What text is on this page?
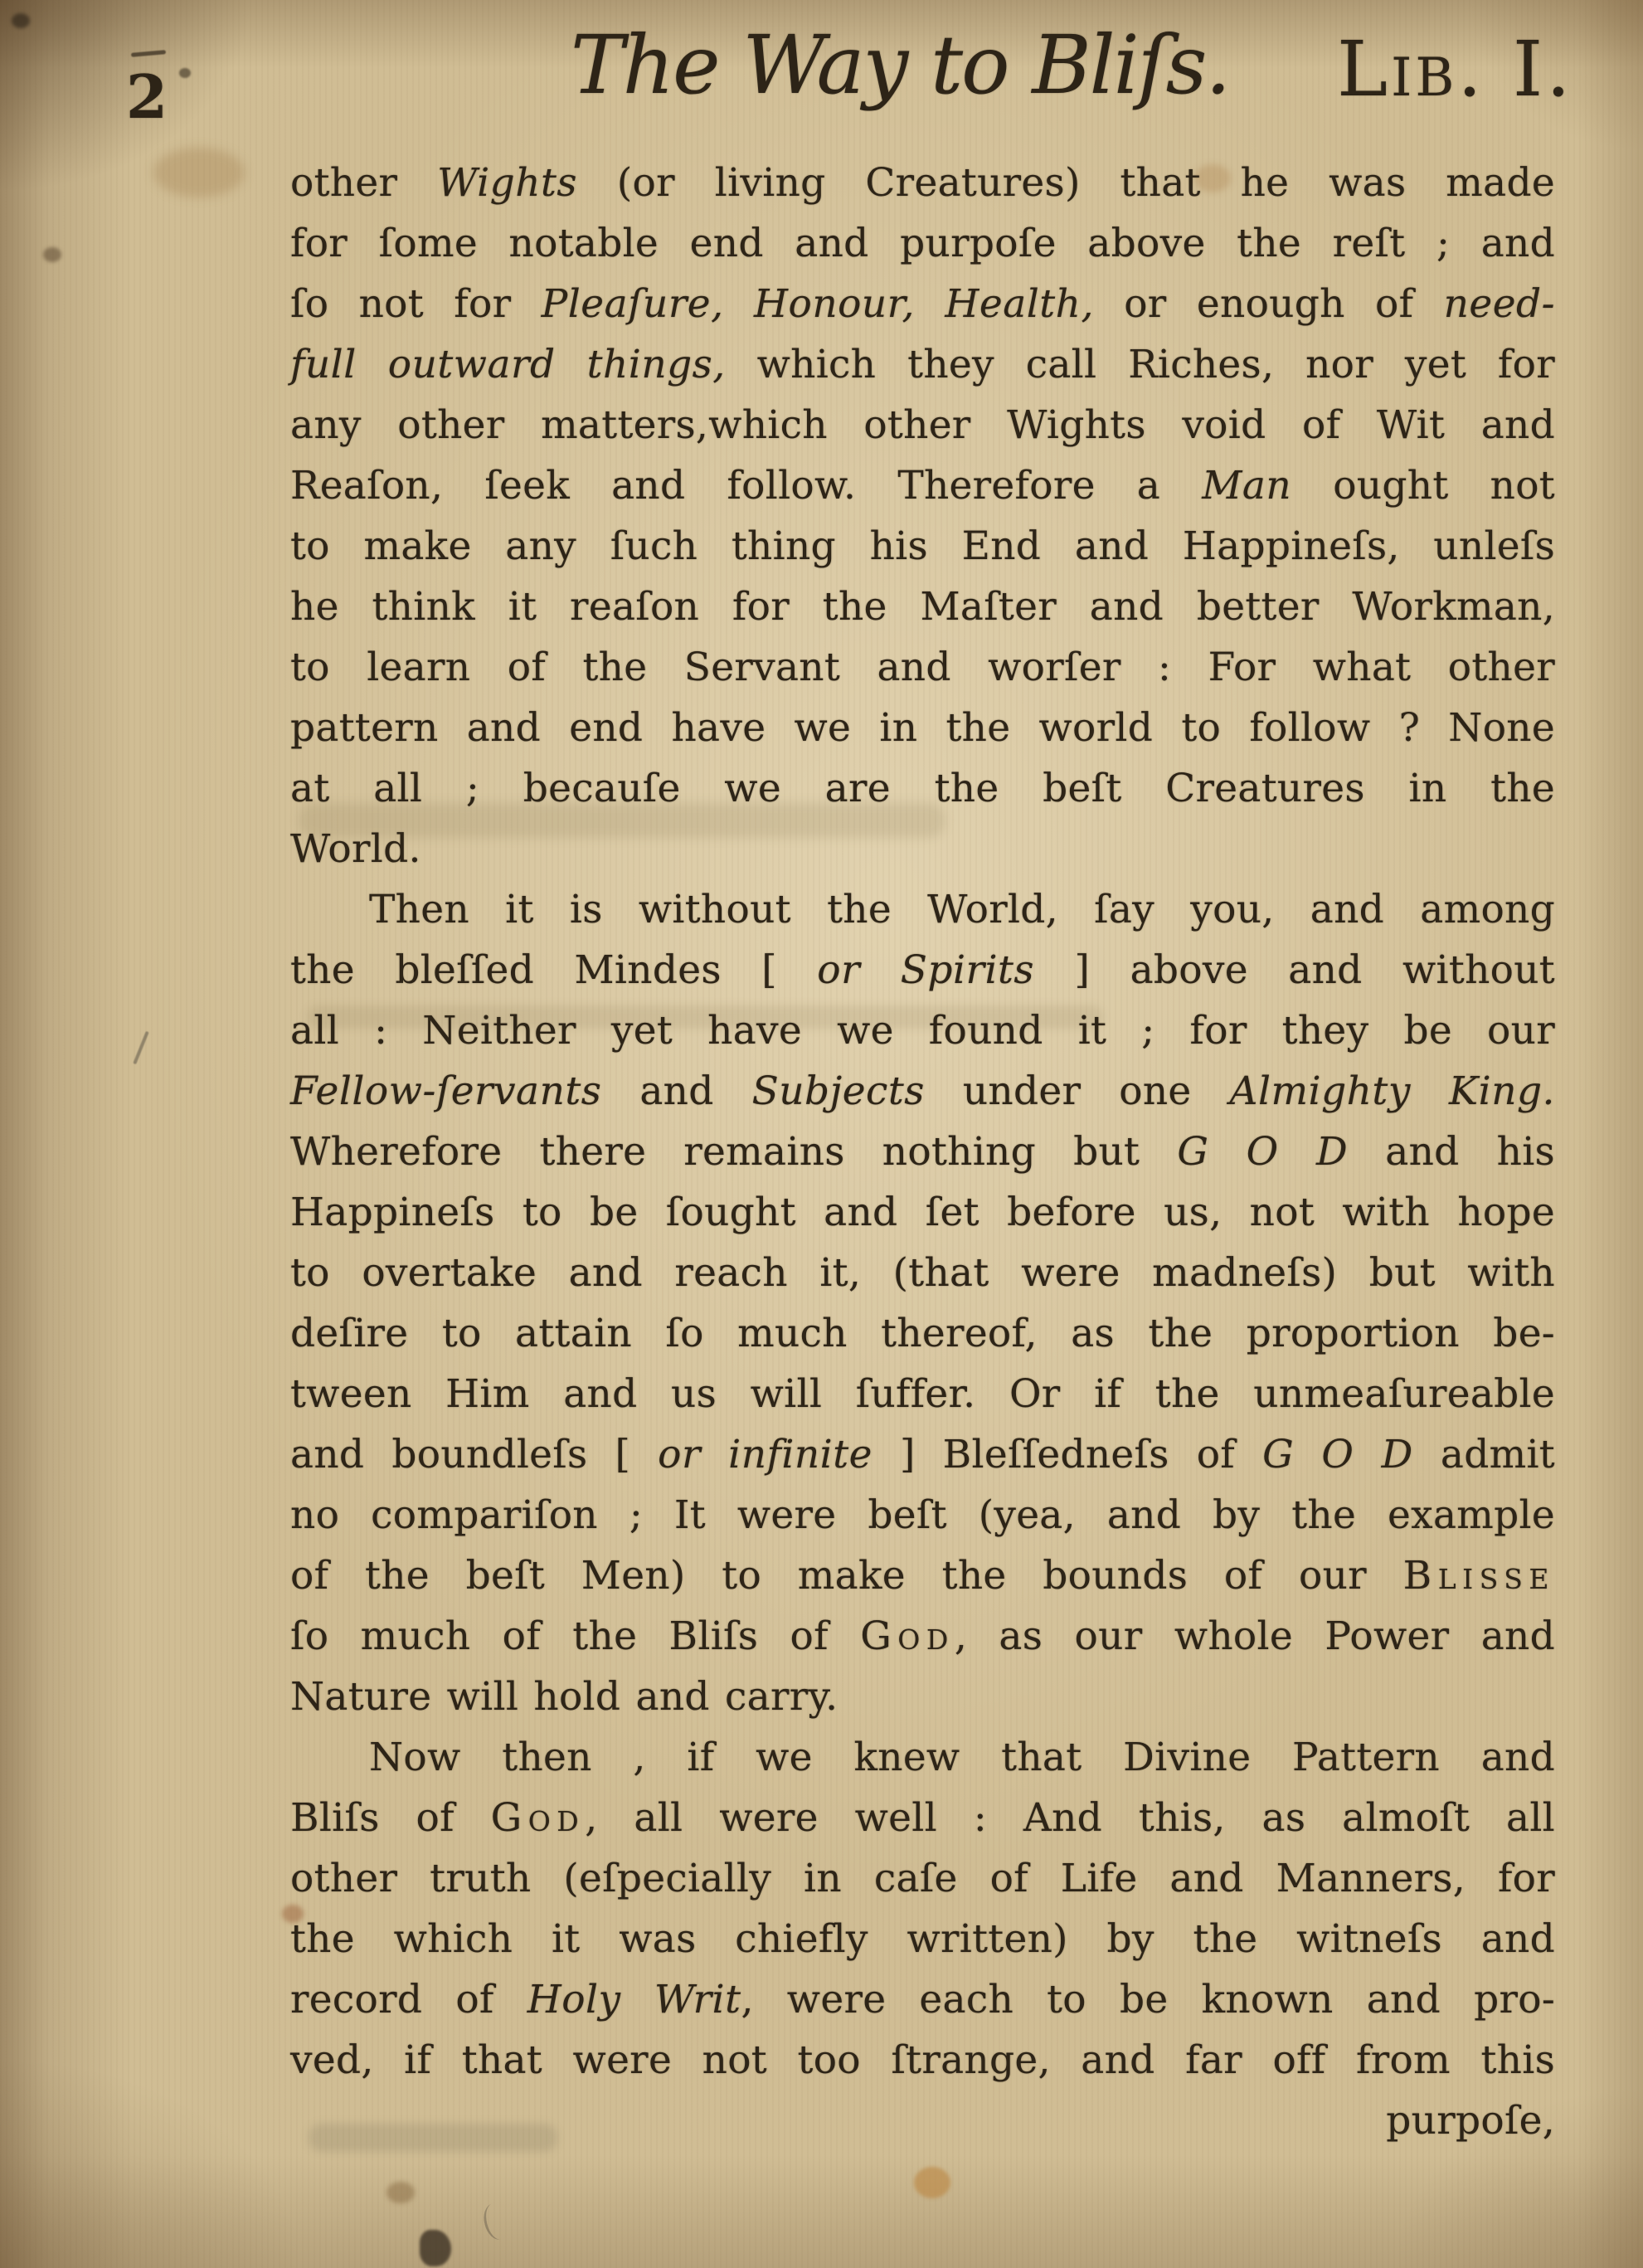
2	The Way to Bliſs. Lib. I.
other Wights (or living Creatures) that he was made
for ſome notable end and purpoſe above the reſt ; and
ſo not for Pleaſure, Honour, Health, or enough of need-
full outward things, which they call Riches, nor yet for
any other matters,which other Wights void of Wit and
Reaſon, ſeek and follow. Therefore a Man ought not
to make any ſuch thing his End and Happineſs, unleſs
he think it reaſon for the Maſter and better Workman,
to learn of the Servant and worſer : For what other
pattern and end have we in the world to follow ? None
at all ; becauſe we are the beſt Creatures in the
World.
Then it is without the World, ſay you, and among
the bleſſed Mindes [ or Spirits ] above and without
all : Neither yet have we found it ; for they be our
Fellow-ſervants and Subjects under one Almighty King.
Wherefore there remains nothing but G O D and his
Happineſs to be ſought and ſet before us, not with hope
to overtake and reach it, (that were madneſs) but with
deſire to attain ſo much thereof, as the proportion be-
tween Him and us will ſuffer. Or if the unmeaſureable
and boundleſs [ or infinite ] Bleſſedneſs of G O D admit
no compariſon ; It were beſt (yea, and by the example
of the beſt Men) to make the bounds of our Blisse
ſo much of the Bliſs of God, as our whole Power and
Nature will hold and carry.
Now then , if we knew that Divine Pattern and
Bliſs of God, all were well : And this, as almoſt all
other truth (eſpecially in caſe of Life and Manners, for
the which it was chiefly written) by the witneſs and
record of Holy Writ, were each to be known and pro-
ved, if that were not too ſtrange, and far off from this
purpoſe,
